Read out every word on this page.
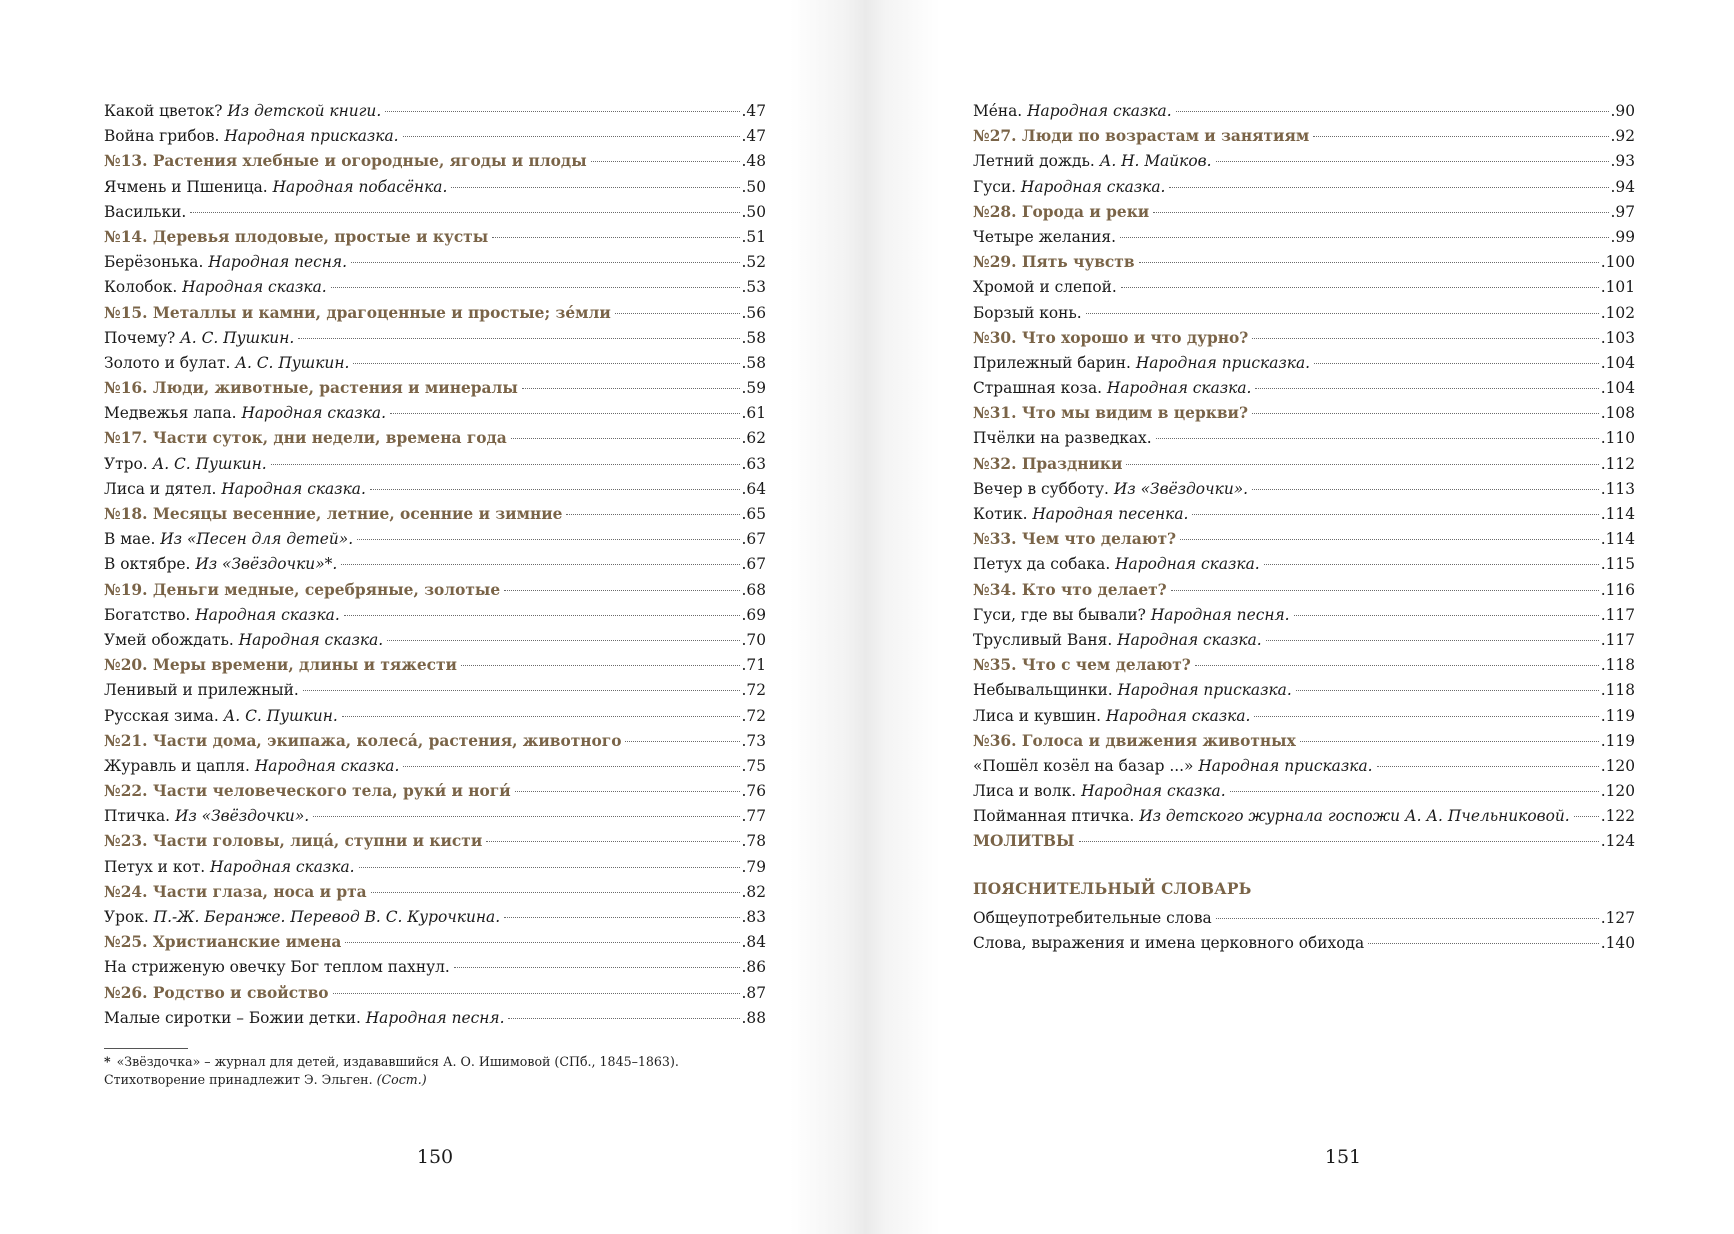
Какой цветок? Из детской книги.	.47
Война грибов. Народная присказка.	.47
№13. Растения хлебные и огородные, ягоды и плоды	.48
Ячмень и Пшеница. Народная побасёнка.	.50
Васильки.	.50
№14. Деревья плодовые, простые и кусты	.51
Берёзонька. Народная песня.	.52
Колобок. Народная сказка.	.53
№15. Металлы и камни, драгоценные и простые; зе́мли	.56
Почему? А. С. Пушкин.	.58
Золото и булат. А. С. Пушкин.	.58
№16. Люди, животные, растения и минералы	.59
Медвежья лапа. Народная сказка.	.61
№17. Части суток, дни недели, времена года	.62
Утро. А. С. Пушкин.	.63
Лиса и дятел. Народная сказка.	.64
№18. Месяцы весенние, летние, осенние и зимние	.65
В мае. Из «Песен для детей».	.67
В октябре. Из «Звёздочки»*.	.67
№19. Деньги медные, серебряные, золотые	.68
Богатство. Народная сказка.	.69
Умей обождать. Народная сказка.	.70
№20. Меры времени, длины и тяжести	.71
Ленивый и прилежный.	.72
Русская зима. А. С. Пушкин.	.72
№21. Части дома, экипажа, колеса́, растения, животного	.73
Журавль и цапля. Народная сказка.	.75
№22. Части человеческого тела, руки́ и ноги́	.76
Птичка. Из «Звёздочки».	.77
№23. Части головы, лица́, ступни и кисти	.78
Петух и кот. Народная сказка.	.79
№24. Части глаза, носа и рта	.82
Урок. П.-Ж. Беранже. Перевод В. С. Курочкина.	.83
№25. Христианские имена	.84
На стриженую овечку Бог теплом пахнул.	.86
№26. Родство и свойство	.87
Малые сиротки – Божии детки. Народная песня.	.88
* «Звёздочка» – журнал для детей, издававшийся А. О. Ишимовой (СПб., 1845–1863). Стихотворение принадлежит Э. Эльген. (Сост.)
150
Ме́на. Народная сказка.	.90
№27. Люди по возрастам и занятиям	.92
Летний дождь. А. Н. Майков.	.93
Гуси. Народная сказка.	.94
№28. Города и реки	.97
Четыре желания.	.99
№29. Пять чувств	.100
Хромой и слепой.	.101
Борзый конь.	.102
№30. Что хорошо и что дурно?	.103
Прилежный барин. Народная присказка.	.104
Страшная коза. Народная сказка.	.104
№31. Что мы видим в церкви?	.108
Пчёлки на разведках.	.110
№32. Праздники	.112
Вечер в субботу. Из «Звёздочки».	.113
Котик. Народная песенка.	.114
№33. Чем что делают?	.114
Петух да собака. Народная сказка.	.115
№34. Кто что делает?	.116
Гуси, где вы бывали? Народная песня.	.117
Трусливый Ваня. Народная сказка.	.117
№35. Что с чем делают?	.118
Небывальщинки. Народная присказка.	.118
Лиса и кувшин. Народная сказка.	.119
№36. Голоса и движения животных	.119
«Пошёл козёл на базар ...» Народная присказка.	.120
Лиса и волк. Народная сказка.	.120
Пойманная птичка. Из детского журнала госпожи А. А. Пчельниковой. .122
МОЛИТВЫ	.124
ПОЯСНИТЕЛЬНЫЙ СЛОВАРЬ
Общеупотребительные слова	.127
Слова, выражения и имена церковного обихода	.140
151
